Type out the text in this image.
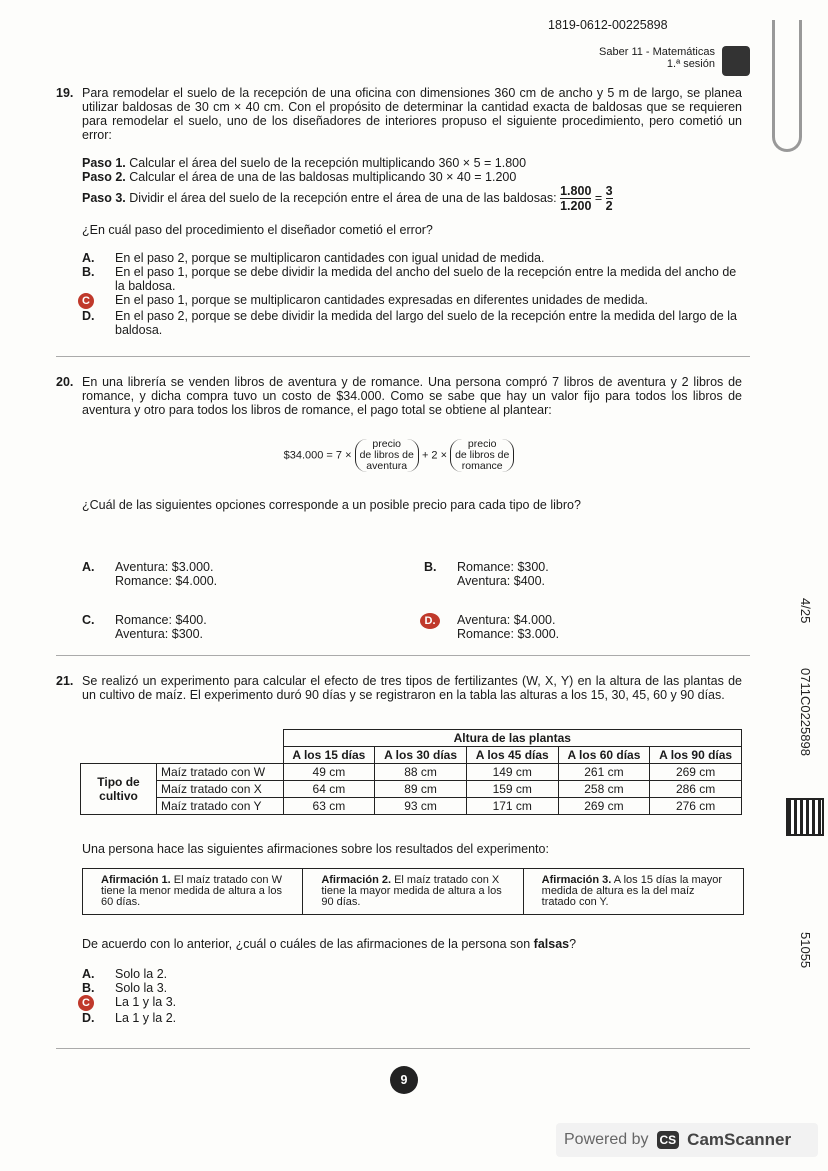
1819-0612-00225898
Saber 11 - Matemáticas
1.ª sesión
19. Para remodelar el suelo de la recepción de una oficina con dimensiones 360 cm de ancho y 5 m de largo, se planea utilizar baldosas de 30 cm × 40 cm. Con el propósito de determinar la cantidad exacta de baldosas que se requieren para remodelar el suelo, uno de los diseñadores de interiores propuso el siguiente procedimiento, pero cometió un error:
Paso 1. Calcular el área del suelo de la recepción multiplicando 360 × 5 = 1.800
Paso 2. Calcular el área de una de las baldosas multiplicando 30 × 40 = 1.200
Paso 3. Dividir el área del suelo de la recepción entre el área de una de las baldosas: $\frac{1.800}{1.200} = \frac{3}{2}$
¿En cuál paso del procedimiento el diseñador cometió el error?
A.	En el paso 2, porque se multiplicaron cantidades con igual unidad de medida.
B.	En el paso 1, porque se debe dividir la medida del ancho del suelo de la recepción entre la medida del ancho de la baldosa.
C	En el paso 1, porque se multiplicaron cantidades expresadas en diferentes unidades de medida.
D.	En el paso 2, porque se debe dividir la medida del largo del suelo de la recepción entre la medida del largo de la baldosa.
20. En una librería se venden libros de aventura y de romance. Una persona compró 7 libros de aventura y 2 libros de romance, y dicha compra tuvo un costo de $34.000. Como se sabe que hay un valor fijo para todos los libros de aventura y otro para todos los libros de romance, el pago total se obtiene al plantear:
$34.000 = 7 ×
precio
de libros de
aventura
+ 2 ×
precio
de libros de
romance
¿Cuál de las siguientes opciones corresponde a un posible precio para cada tipo de libro?
A.	Aventura: $3.000.
Romance: $4.000.
B.	Romance: $300.
Aventura: $400.
C.	Romance: $400.
Aventura: $300.
D.	Aventura: $4.000.
Romance: $3.000.
21. Se realizó un experimento para calcular el efecto de tres tipos de fertilizantes (W, X, Y) en la altura de las plantas de un cultivo de maíz. El experimento duró 90 días y se registraron en la tabla las alturas a los 15, 30, 45, 60 y 90 días.
		Altura de las plantas				
		A los 15 días	A los 30 días	A los 45 días	A los 60 días	A los 90 días
Tipo de cultivo	Maíz tratado con W	49 cm	88 cm	149 cm	261 cm	269 cm
	Maíz tratado con X	64 cm	89 cm	159 cm	258 cm	286 cm
	Maíz tratado con Y	63 cm	93 cm	171 cm	269 cm	276 cm
Una persona hace las siguientes afirmaciones sobre los resultados del experimento:
Afirmación 1. El maíz tratado con W tiene la menor medida de altura a los 60 días.
Afirmación 2. El maíz tratado con X tiene la mayor medida de altura a los 90 días.
Afirmación 3. A los 15 días la mayor medida de altura es la del maíz tratado con Y.
De acuerdo con lo anterior, ¿cuál o cuáles de las afirmaciones de la persona son falsas?
A.	Solo la 2.
B.	Solo la 3.
C	La 1 y la 3.
D.	La 1 y la 2.
9
4/25
0711C0225898
51055
Powered by CS CamScanner
